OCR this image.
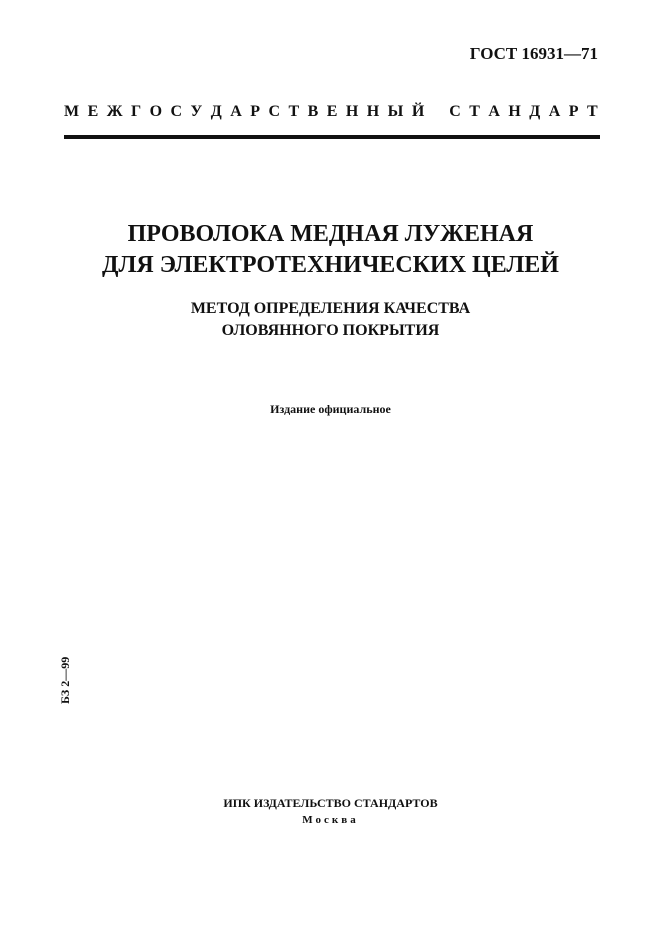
ГОСТ 16931—71
М Е Ж Г О С У Д А Р С Т В Е Н Н Ы Й С Т А Н Д А Р Т
ПРОВОЛОКА МЕДНАЯ ЛУЖЕНАЯ
ДЛЯ ЭЛЕКТРОТЕХНИЧЕСКИХ ЦЕЛЕЙ
МЕТОД ОПРЕДЕЛЕНИЯ КАЧЕСТВА
ОЛОВЯННОГО ПОКРЫТИЯ
Издание официальное
БЗ 2—99
ИПК ИЗДАТЕЛЬСТВО СТАНДАРТОВ
Москва
